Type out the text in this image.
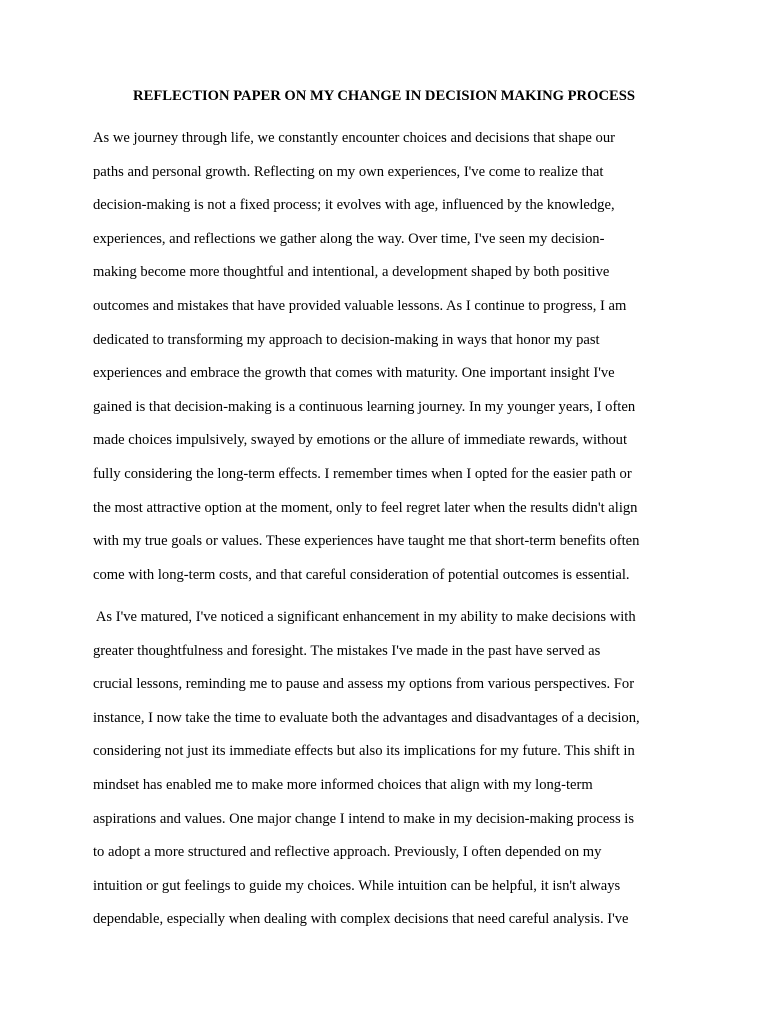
REFLECTION PAPER ON MY CHANGE IN DECISION MAKING PROCESS
As we journey through life, we constantly encounter choices and decisions that shape our
paths and personal growth. Reflecting on my own experiences, I've come to realize that
decision-making is not a fixed process; it evolves with age, influenced by the knowledge,
experiences, and reflections we gather along the way. Over time, I've seen my decision-
making become more thoughtful and intentional, a development shaped by both positive
outcomes and mistakes that have provided valuable lessons. As I continue to progress, I am
dedicated to transforming my approach to decision-making in ways that honor my past
experiences and embrace the growth that comes with maturity. One important insight I've
gained is that decision-making is a continuous learning journey. In my younger years, I often
made choices impulsively, swayed by emotions or the allure of immediate rewards, without
fully considering the long-term effects. I remember times when I opted for the easier path or
the most attractive option at the moment, only to feel regret later when the results didn't align
with my true goals or values. These experiences have taught me that short-term benefits often
come with long-term costs, and that careful consideration of potential outcomes is essential.
As I've matured, I've noticed a significant enhancement in my ability to make decisions with
greater thoughtfulness and foresight. The mistakes I've made in the past have served as
crucial lessons, reminding me to pause and assess my options from various perspectives. For
instance, I now take the time to evaluate both the advantages and disadvantages of a decision,
considering not just its immediate effects but also its implications for my future. This shift in
mindset has enabled me to make more informed choices that align with my long-term
aspirations and values. One major change I intend to make in my decision-making process is
to adopt a more structured and reflective approach. Previously, I often depended on my
intuition or gut feelings to guide my choices. While intuition can be helpful, it isn't always
dependable, especially when dealing with complex decisions that need careful analysis. I've
